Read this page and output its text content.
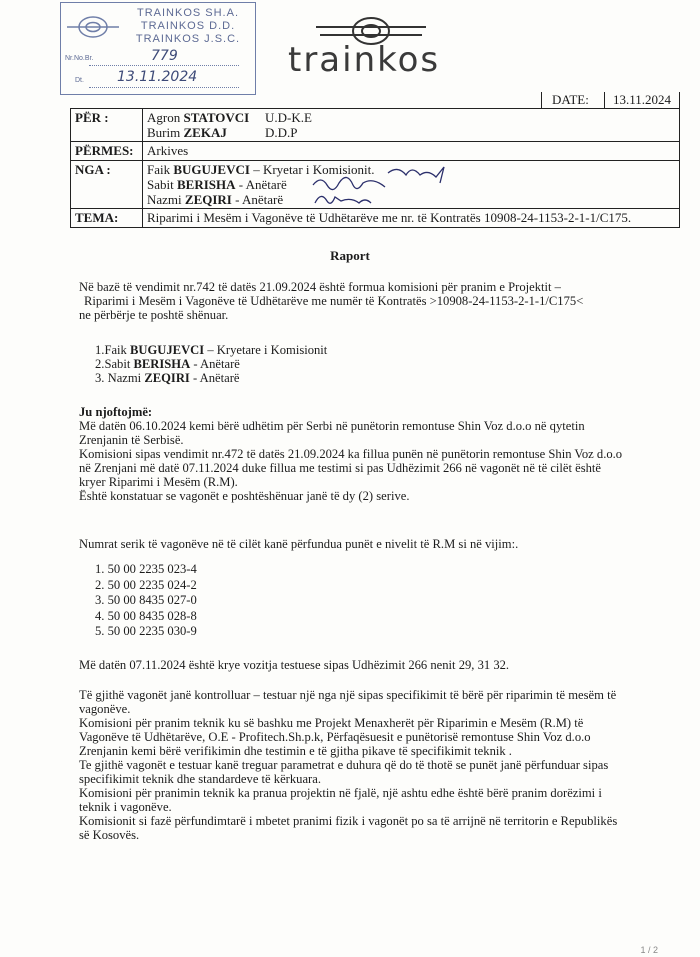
TRAINKOS SH.A.
TRAINKOS D.D.
TRAINKOS J.S.C.
Nr.No.Br.	779
Dt. 13.11.2024	trainkos
DATE: 13.11.2024	

PËR :	Agron STATOVCI U.D-K.E
Burim ZEKAJ D.D.P

PËRMES:	Arkives
NGA :	Faik BUGUJEVCI – Kryetar i Komisionit.
Sabit BERISHA - Anëtarë
Nazmi ZEQIRI - Anëtarë

TEMA:	Riparimi i Mesëm i Vagonëve të Udhëtarëve me nr. të Kontratës 10908-24-1153-2-1-1/C175.
Raport
Në bazë të vendimit nr.742 të datës 21.09.2024 është formua komisioni për pranim e Projektit –
Riparimi i Mesëm i Vagonëve të Udhëtarëve me numër të Kontratës >10908-24-1153-2-1-1/C175<
ne përbërje te poshtë shënuar.
1.Faik BUGUJEVCI – Kryetare i Komisionit
2.Sabit BERISHA - Anëtarë
3. Nazmi ZEQIRI - Anëtarë
Ju njoftojmë:
Më datën 06.10.2024 kemi bërë udhëtim për Serbi në punëtorin remontuse Shin Voz d.o.o në qytetin
Zrenjanin të Serbisë.
Komisioni sipas vendimit nr.472 të datës 21.09.2024 ka fillua punën në punëtorin remontuse Shin Voz d.o.o
në Zrenjani më datë 07.11.2024 duke fillua me testimi si pas Udhëzimit 266 në vagonët në të cilët është
kryer Riparimi i Mesëm (R.M).
Është konstatuar se vagonët e poshtëshënuar janë të dy (2) serive.
Numrat serik të vagonëve në të cilët kanë përfundua punët e nivelit të R.M si në vijim:.
1. 50 00 2235 023-4
2. 50 00 2235 024-2
3. 50 00 8435 027-0
4. 50 00 8435 028-8
5. 50 00 2235 030-9
Më datën 07.11.2024 është krye vozitja testuese sipas Udhëzimit 266 nenit 29, 31 32.
Të gjithë vagonët janë kontrolluar – testuar një nga një sipas specifikimit të bërë për riparimin të mesëm të
vagonëve.
Komisioni për pranim teknik ku së bashku me Projekt Menaxherët për Riparimin e Mesëm (R.M) të
Vagonëve të Udhëtarëve, O.E - Profitech.Sh.p.k, Përfaqësuesit e punëtorisë remontuse Shin Voz d.o.o
Zrenjanin kemi bërë verifikimin dhe testimin e të gjitha pikave të specifikimit teknik .
Te gjithë vagonët e testuar kanë treguar parametrat e duhura që do të thotë se punët janë përfunduar sipas
specifikimit teknik dhe standardeve të kërkuara.
Komisioni për pranimin teknik ka pranua projektin në fjalë, një ashtu edhe është bërë pranim dorëzimi i
teknik i vagonëve.
Komisionit si fazë përfundimtarë i mbetet pranimi fizik i vagonët po sa të arrijnë në territorin e Republikës
së Kosovës.
1 / 2
